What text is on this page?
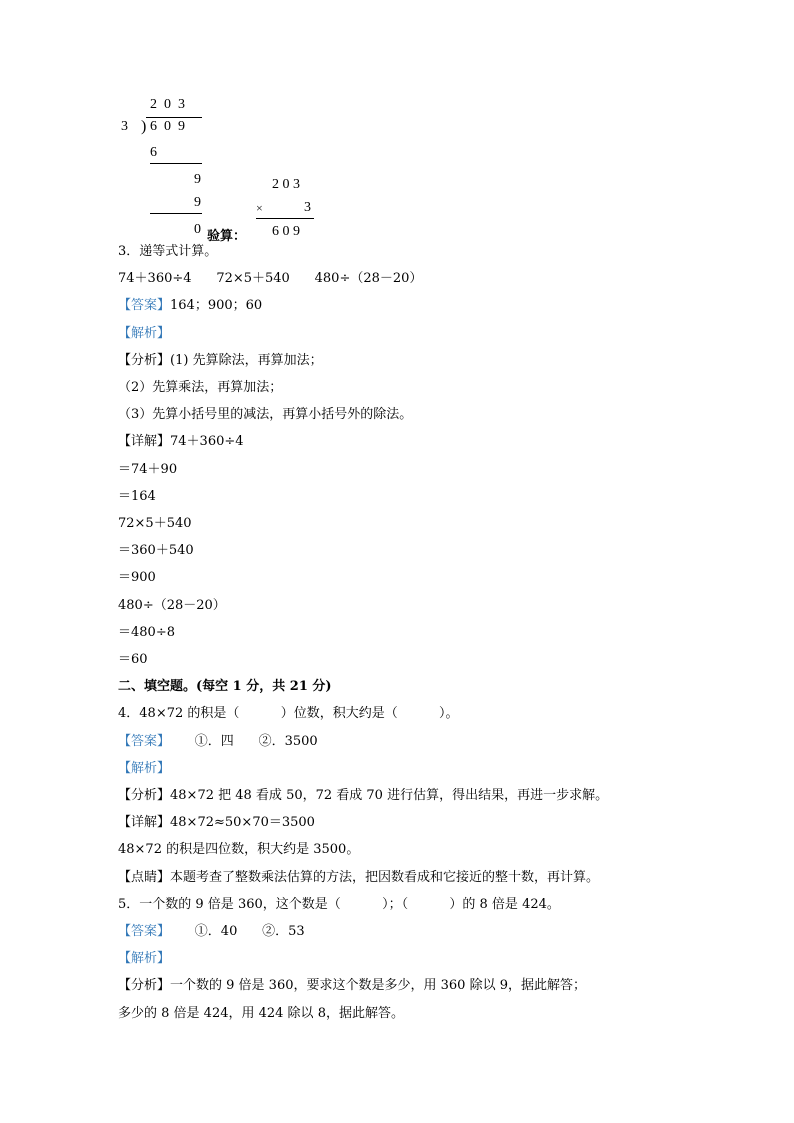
2  0  3
3 ) 6  0  9
6
9
9
0 验算：
2 0 3
×	3
6 0 9
3．递等式计算。
74＋360÷4      72×5＋540      480÷（28－20）
【答案】164；900；60
【解析】
【分析】(1) 先算除法，再算加法；
（2）先算乘法，再算加法；
（3）先算小括号里的减法，再算小括号外的除法。
【详解】74＋360÷4
＝74＋90
＝164
72×5＋540
＝360＋540
＝900
480÷（28－20）
＝480÷8
＝60
二、填空题。(每空 1 分，共 21 分)
4．48×72 的积是（          ）位数，积大约是（          ）。
【答案】      ①．四      ②．3500
【解析】
【分析】48×72 把 48 看成 50，72 看成 70 进行估算，得出结果，再进一步求解。
【详解】48×72≈50×70＝3500
48×72 的积是四位数，积大约是 3500。
【点睛】本题考查了整数乘法估算的方法，把因数看成和它接近的整十数，再计算。
5．一个数的 9 倍是 360，这个数是（          ）；（          ）的 8 倍是 424。
【答案】      ①．40      ②．53
【解析】
【分析】一个数的 9 倍是 360，要求这个数是多少，用 360 除以 9，据此解答；
多少的 8 倍是 424，用 424 除以 8，据此解答。
